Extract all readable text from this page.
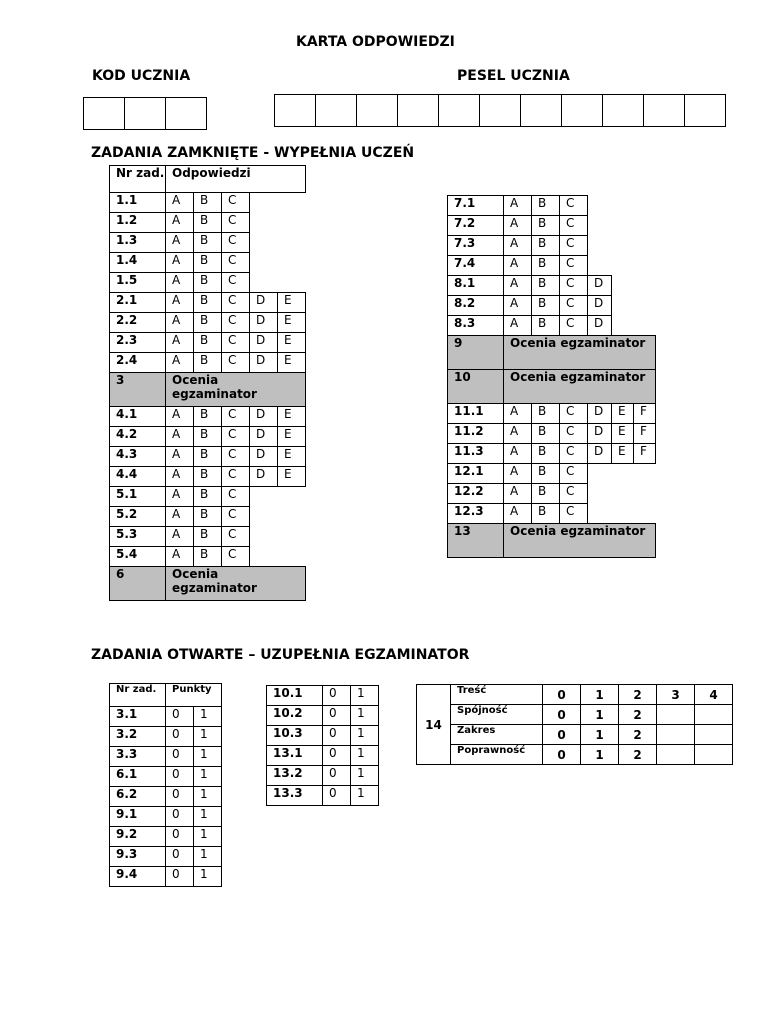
KARTA ODPOWIEDZI
KOD UCZNIA	PESEL UCZNIA
ZADANIA ZAMKNIĘTE - WYPEŁNIA UCZEŃ
ZADANIA OTWARTE – UZUPEŁNIA EGZAMINATOR
Nr zad.	Odpowiedzi				
1.1	A	B	C		
1.2	A	B	C		
1.3	A	B	C		
1.4	A	B	C		
1.5	A	B	C		
2.1	A	B	C	D	E
2.2	A	B	C	D	E
2.3	A	B	C	D	E
2.4	A	B	C	D	E
3	Ocenia egzaminator				
4.1	A	B	C	D	E
4.2	A	B	C	D	E
4.3	A	B	C	D	E
4.4	A	B	C	D	E
5.1	A	B	C		
5.2	A	B	C		
5.3	A	B	C		
5.4	A	B	C		
6	Ocenia egzaminator				
7.1	A	B	C			
7.2	A	B	C			
7.3	A	B	C			
7.4	A	B	C			
8.1	A	B	C	D		
8.2	A	B	C	D		
8.3	A	B	C	D		
9	Ocenia egzaminator					
10	Ocenia egzaminator					
11.1	A	B	C	D	E	F
11.2	A	B	C	D	E	F
11.3	A	B	C	D	E	F
12.1	A	B	C			
12.2	A	B	C			
12.3	A	B	C			
13	Ocenia egzaminator					
Nr zad.	Punkty	
3.1	0	1
3.2	0	1
3.3	0	1
6.1	0	1
6.2	0	1
9.1	0	1
9.2	0	1
9.3	0	1
9.4	0	1
10.1	0	1
10.2	0	1
10.3	0	1
13.1	0	1
13.2	0	1
13.3	0	1
14	Treść	0	1	2	3	4
	Spójność	0	1	2		
	Zakres	0	1	2		
	Poprawność	0	1	2		
